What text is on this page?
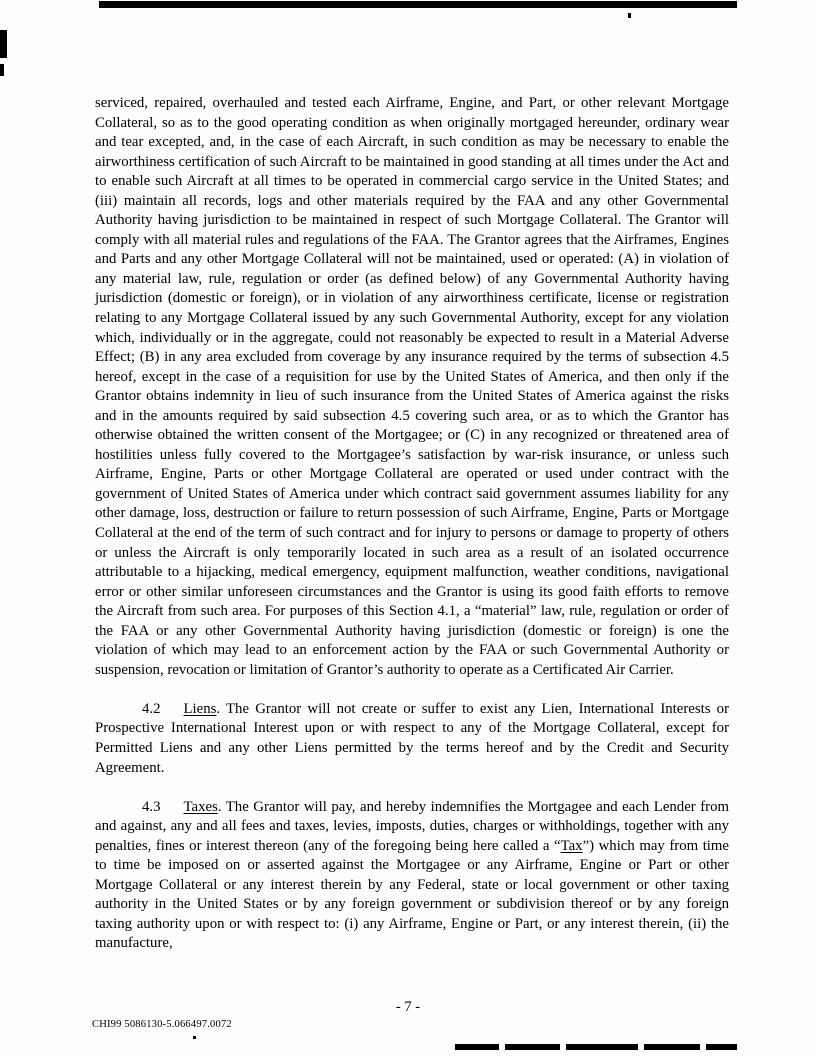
serviced, repaired, overhauled and tested each Airframe, Engine, and Part, or other relevant Mortgage Collateral, so as to the good operating condition as when originally mortgaged hereunder, ordinary wear and tear excepted, and, in the case of each Aircraft, in such condition as may be necessary to enable the airworthiness certification of such Aircraft to be maintained in good standing at all times under the Act and to enable such Aircraft at all times to be operated in commercial cargo service in the United States; and (iii) maintain all records, logs and other materials required by the FAA and any other Governmental Authority having jurisdiction to be maintained in respect of such Mortgage Collateral. The Grantor will comply with all material rules and regulations of the FAA. The Grantor agrees that the Airframes, Engines and Parts and any other Mortgage Collateral will not be maintained, used or operated: (A) in violation of any material law, rule, regulation or order (as defined below) of any Governmental Authority having jurisdiction (domestic or foreign), or in violation of any airworthiness certificate, license or registration relating to any Mortgage Collateral issued by any such Governmental Authority, except for any violation which, individually or in the aggregate, could not reasonably be expected to result in a Material Adverse Effect; (B) in any area excluded from coverage by any insurance required by the terms of subsection 4.5 hereof, except in the case of a requisition for use by the United States of America, and then only if the Grantor obtains indemnity in lieu of such insurance from the United States of America against the risks and in the amounts required by said subsection 4.5 covering such area, or as to which the Grantor has otherwise obtained the written consent of the Mortgagee; or (C) in any recognized or threatened area of hostilities unless fully covered to the Mortgagee’s satisfaction by war-risk insurance, or unless such Airframe, Engine, Parts or other Mortgage Collateral are operated or used under contract with the government of United States of America under which contract said government assumes liability for any other damage, loss, destruction or failure to return possession of such Airframe, Engine, Parts or Mortgage Collateral at the end of the term of such contract and for injury to persons or damage to property of others or unless the Aircraft is only temporarily located in such area as a result of an isolated occurrence attributable to a hijacking, medical emergency, equipment malfunction, weather conditions, navigational error or other similar unforeseen circumstances and the Grantor is using its good faith efforts to remove the Aircraft from such area. For purposes of this Section 4.1, a “material” law, rule, regulation or order of the FAA or any other Governmental Authority having jurisdiction (domestic or foreign) is one the violation of which may lead to an enforcement action by the FAA or such Governmental Authority or suspension, revocation or limitation of Grantor’s authority to operate as a Certificated Air Carrier.

4.2 Liens. The Grantor will not create or suffer to exist any Lien, International Interests or Prospective International Interest upon or with respect to any of the Mortgage Collateral, except for Permitted Liens and any other Liens permitted by the terms hereof and by the Credit and Security Agreement.

4.3 Taxes. The Grantor will pay, and hereby indemnifies the Mortgagee and each Lender from and against, any and all fees and taxes, levies, imposts, duties, charges or withholdings, together with any penalties, fines or interest thereon (any of the foregoing being here called a “Tax”) which may from time to time be imposed on or asserted against the Mortgagee or any Airframe, Engine or Part or other Mortgage Collateral or any interest therein by any Federal, state or local government or other taxing authority in the United States or by any foreign government or subdivision thereof or by any foreign taxing authority upon or with respect to: (i) any Airframe, Engine or Part, or any interest therein, (ii) the manufacture,

- 7 -
CHI99 5086130-5.066497.0072
